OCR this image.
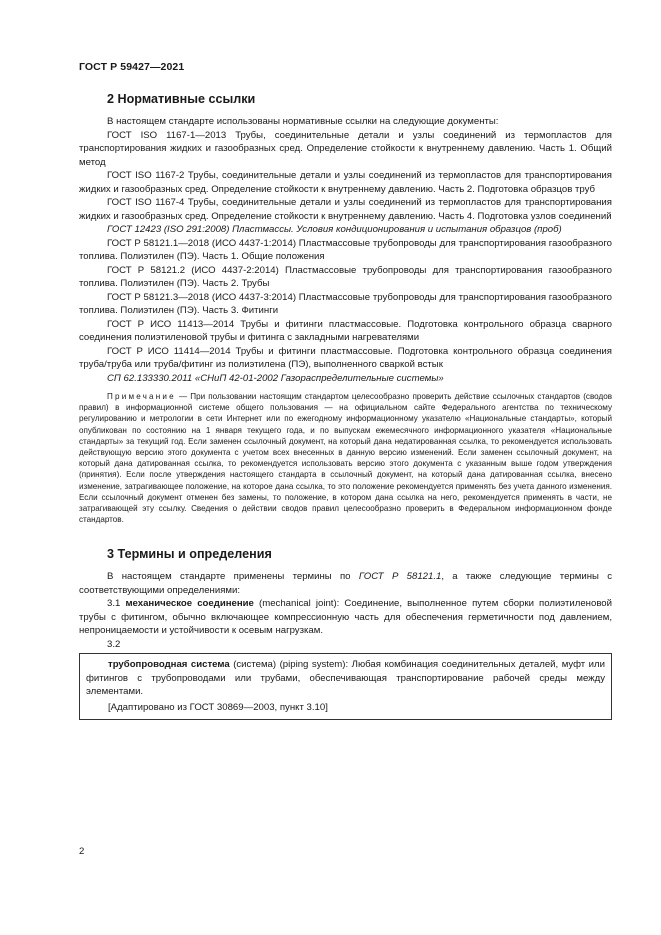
ГОСТ Р 59427—2021
2 Нормативные ссылки

В настоящем стандарте использованы нормативные ссылки на следующие документы:

ГОСТ ISO 1167-1—2013 Трубы, соединительные детали и узлы соединений из термопластов для транспортирования жидких и газообразных сред. Определение стойкости к внутреннему давлению. Часть 1. Общий метод

ГОСТ ISO 1167-2 Трубы, соединительные детали и узлы соединений из термопластов для транспортирования жидких и газообразных сред. Определение стойкости к внутреннему давлению. Часть 2. Подготовка образцов труб

ГОСТ ISO 1167-4 Трубы, соединительные детали и узлы соединений из термопластов для транспортирования жидких и газообразных сред. Определение стойкости к внутреннему давлению. Часть 4. Подготовка узлов соединений

ГОСТ 12423 (ISO 291:2008) Пластмассы. Условия кондиционирования и испытания образцов (проб)

ГОСТ Р 58121.1—2018 (ИСО 4437-1:2014) Пластмассовые трубопроводы для транспортирования газообразного топлива. Полиэтилен (ПЭ). Часть 1. Общие положения

ГОСТ Р 58121.2 (ИСО 4437-2:2014) Пластмассовые трубопроводы для транспортирования газообразного топлива. Полиэтилен (ПЭ). Часть 2. Трубы

ГОСТ Р 58121.3—2018 (ИСО 4437-3:2014) Пластмассовые трубопроводы для транспортирования газообразного топлива. Полиэтилен (ПЭ). Часть 3. Фитинги

ГОСТ Р ИСО 11413—2014 Трубы и фитинги пластмассовые. Подготовка контрольного образца сварного соединения полиэтиленовой трубы и фитинга с закладными нагревателями

ГОСТ Р ИСО 11414—2014 Трубы и фитинги пластмассовые. Подготовка контрольного образца соединения труба/труба или труба/фитинг из полиэтилена (ПЭ), выполненного сваркой встык

СП 62.133330.2011 «СНиП 42-01-2002 Газораспределительные системы»

Примечание — При пользовании настоящим стандартом целесообразно проверить действие ссылочных стандартов (сводов правил) в информационной системе общего пользования — на официальном сайте Федерального агентства по техническому регулированию и метрологии в сети Интернет или по ежегодному информационному указателю «Национальные стандарты», который опубликован по состоянию на 1 января текущего года, и по выпускам ежемесячного информационного указателя «Национальные стандарты» за текущий год. Если заменен ссылочный документ, на который дана недатированная ссылка, то рекомендуется использовать действующую версию этого документа с учетом всех внесенных в данную версию изменений. Если заменен ссылочный документ, на который дана датированная ссылка, то рекомендуется использовать версию этого документа с указанным выше годом утверждения (принятия). Если после утверждения настоящего стандарта в ссылочный документ, на который дана датированная ссылка, внесено изменение, затрагивающее положение, на которое дана ссылка, то это положение рекомендуется применять без учета данного изменения. Если ссылочный документ отменен без замены, то положение, в котором дана ссылка на него, рекомендуется применять в части, не затрагивающей эту ссылку. Сведения о действии сводов правил целесообразно проверить в Федеральном информационном фонде стандартов.
3 Термины и определения

В настоящем стандарте применены термины по ГОСТ Р 58121.1, а также следующие термины с соответствующими определениями:

3.1 механическое соединение (mechanical joint): Соединение, выполненное путем сборки полиэтиленовой трубы с фитингом, обычно включающее компрессионную часть для обеспечения герметичности под давлением, непроницаемости и устойчивости к осевым нагрузкам.

3.2

трубопроводная система (система) (piping system): Любая комбинация соединительных деталей, муфт или фитингов с трубопроводами или трубами, обеспечивающая транспортирование рабочей среды между элементами.

[Адаптировано из ГОСТ 30869—2003, пункт 3.10]

2
